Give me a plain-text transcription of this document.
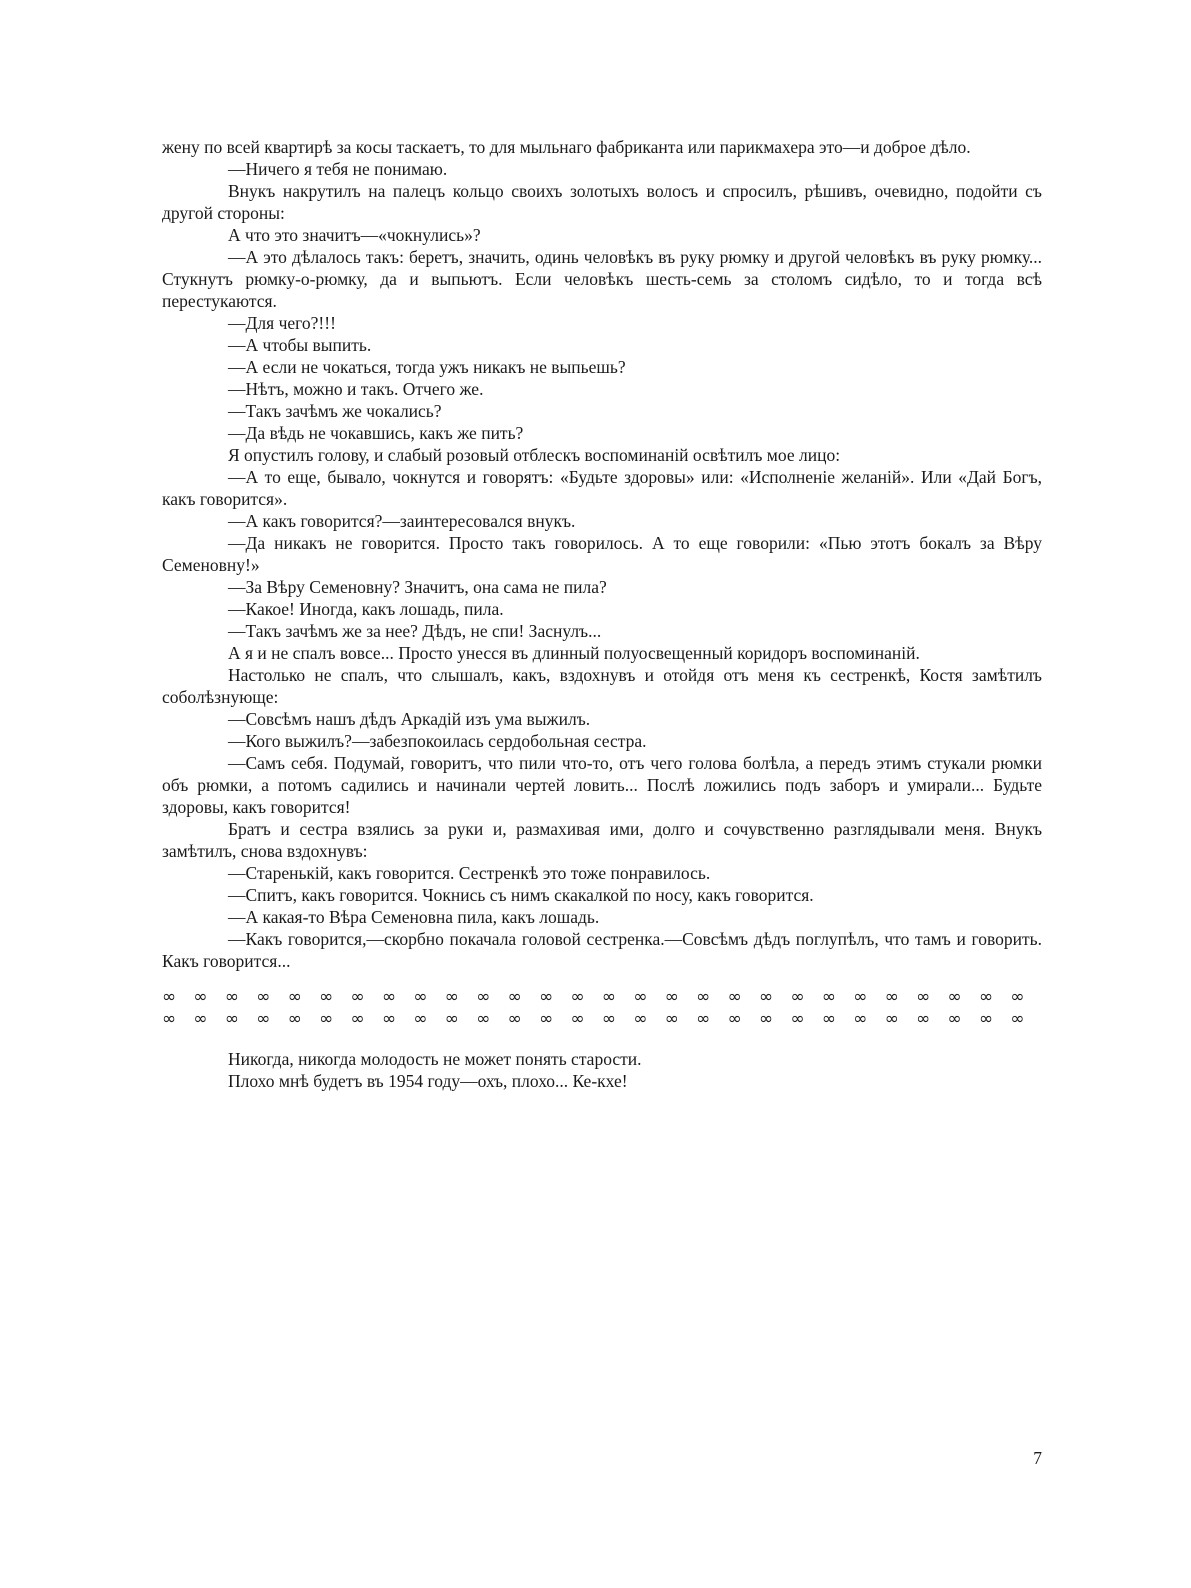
жену по всей квартирѣ за косы таскаетъ, то для мыльнаго фабриканта или парикмахера это—и доброе дѣло.

—Ничего я тебя не понимаю.

Внукъ накрутилъ на палецъ кольцо своихъ золотыхъ волосъ и спросилъ, рѣшивъ, очевидно, подойти съ другой стороны:

А что это значитъ—«чокнулись»?

—А это дѣлалось такъ: беретъ, значить, одинь человѣкъ въ руку рюмку и другой человѣкъ въ руку рюмку... Стукнутъ рюмку-о-рюмку, да и выпьютъ. Если человѣкъ шесть-семь за столомъ сидѣло, то и тогда всѣ перестукаются.

—Для чего?!!!

—А чтобы выпить.

—А если не чокаться, тогда ужъ никакъ не выпьешь?

—Нѣтъ, можно и такъ. Отчего же.

—Такъ зачѣмъ же чокались?

—Да вѣдь не чокавшись, какъ же пить?

Я опустилъ голову, и слабый розовый отблескъ воспоминаній освѣтилъ мое лицо:

—А то еще, бывало, чокнутся и говорятъ: «Будьте здоровы» или: «Исполненіе желаній». Или «Дай Богъ, какъ говорится».

—А какъ говорится?—заинтересовался внукъ.

—Да никакъ не говорится. Просто такъ говорилось. А то еще говорили: «Пью этотъ бокалъ за Вѣру Семеновну!»

—За Вѣру Семеновну? Значитъ, она сама не пила?

—Какое! Иногда, какъ лошадь, пила.

—Такъ зачѣмъ же за нее? Дѣдъ, не спи! Заснулъ...

А я и не спалъ вовсе... Просто унесся въ длинный полуосвещенный коридоръ воспоминаній.

Настолько не спалъ, что слышалъ, какъ, вздохнувъ и отойдя отъ меня къ сестренкѣ, Костя замѣтилъ соболѣзнующе:

—Совсѣмъ нашъ дѣдъ Аркадій изъ ума выжилъ.

—Кого выжилъ?—забезпокоилась сердобольная сестра.

—Самъ себя. Подумай, говоритъ, что пили что-то, отъ чего голова болѣла, а передъ этимъ стукали рюмки объ рюмки, а потомъ садились и начинали чертей ловить... Послѣ ложились подъ заборъ и умирали... Будьте здоровы, какъ говорится!

Братъ и сестра взялись за руки и, размахивая ими, долго и сочувственно разглядывали меня. Внукъ замѣтилъ, снова вздохнувъ:

—Старенькій, какъ говорится. Сестренкѣ это тоже понравилось.

—Спитъ, какъ говорится. Чокнись съ нимъ скакалкой по носу, какъ говорится.

—А какая-то Вѣра Семеновна пила, какъ лошадь.

—Какъ говорится,—скорбно покачала головой сестренка.—Совсѣмъ дѣдъ поглупѣлъ, что тамъ и говорить. Какъ говорится...

∞	∞	∞	∞	∞	∞	∞	∞	∞	∞	∞	∞	∞	∞	∞	∞	∞	∞	∞	∞	∞	∞	∞	∞	∞	∞	∞	∞
∞	∞	∞	∞	∞	∞	∞	∞	∞	∞	∞	∞	∞	∞	∞	∞	∞	∞	∞	∞	∞	∞	∞	∞	∞	∞	∞	∞

Никогда, никогда молодость не может понять старости.

Плохо мнѣ будетъ въ 1954 году—охъ, плохо... Ке-кхе!

7
